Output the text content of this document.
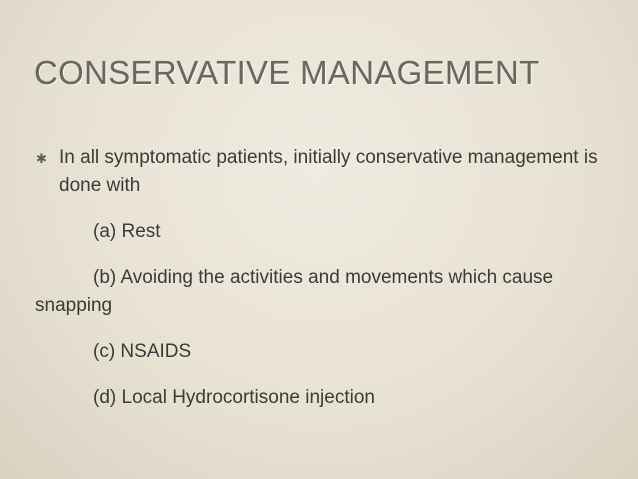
CONSERVATIVE MANAGEMENT
✱ In all symptomatic patients, initially conservative management is done with

(a) Rest

(b) Avoiding the activities and movements which cause snapping

(c) NSAIDS

(d) Local Hydrocortisone injection
